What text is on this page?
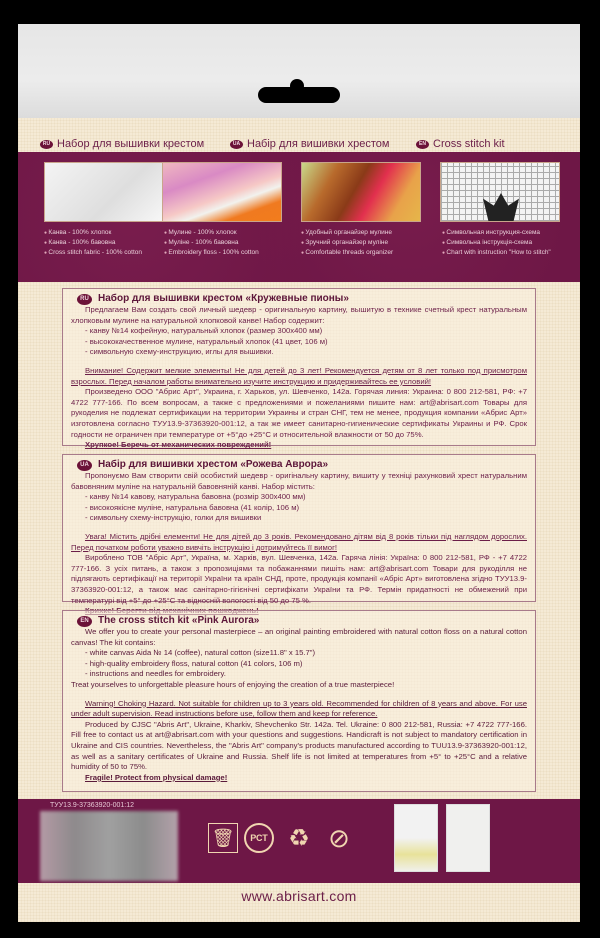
RU Набор для вышивки крестом	UA Набір для вишивки хрестом	EN Cross stitch kit
● Канва - 100% хлопок
● Канва - 100% бавовна
● Cross stitch fabric - 100% cotton
● Мулине - 100% хлопок
● Муліне - 100% бавовна
● Embroidery floss - 100% cotton
● Удобный органайзер мулине
● Зручний органайзер муліне
● Comfortable threads organizer
● Символьная инструкция-схема
● Символьна інструкція-схема
● Chart with instruction "How to stitch"
RU Набор для вышивки крестом «Кружевные пионы»

Предлагаем Вам создать свой личный шедевр - оригинальную картину, вышитую в технике счетный крест натуральным хлопковым мулине на натуральной хлопковой канве! Набор содержит:

- канву №14 кофейную, натуральный хлопок (размер 300х400 мм)

- высококачественное мулине, натуральный хлопок (41 цвет, 106 м)

- символьную схему-инструкцию, иглы для вышивки.

Внимание! Содержит мелкие элементы! Не для детей до 3 лет! Рекомендуется детям от 8 лет только под присмотром взрослых. Перед началом работы внимательно изучите инструкцию и придерживайтесь ее условий!

Произведено ООО "Абрис Арт", Украина, г. Харьков, ул. Шевченко, 142а. Горячая линия: Украина: 0 800 212-581, РФ: +7 4722 777-166. По всем вопросам, а также с предложениями и пожеланиями пишите нам: art@abrisart.com Товары для рукоделия не подлежат сертификации на территории Украины и стран СНГ, тем не менее, продукция компании «Абрис Арт» изготовлена согласно ТУУ13.9-37363920-001:12, а так же имеет санитарно-гигиенические сертификаты Украины и РФ. Срок годности не ограничен при температуре от +5°до +25°С и относительной влажности от 50 до 75%.

Хрупкое! Беречь от механических повреждений!

UA Набір для вишивки хрестом «Рожева Аврора»

Пропонуємо Вам створити свій особистий шедевр - оригінальну картину, вишиту у техніці рахунковий хрест натуральним бавовняним муліне на натуральній бавовняній канві. Набор містить:

- канву №14 кавову, натуральна бавовна (розмір 300х400 мм)

- високоякісне муліне, натуральна бавовна (41 колір, 106 м)

- символьну схему-інструкцію, голки для вишивки

Увага! Містить дрібні елементи! Не для дітей до 3 років. Рекомендовано дітям від 8 років тільки під наглядом дорослих. Перед початком роботи уважно вивчіть інструкцію і дотримуйтесь її вимог!

Вироблено ТОВ "Абріс Арт", Україна, м. Харків, вул. Шевченка, 142а. Гаряча лінія: Україна: 0 800 212-581, РФ - +7 4722 777-166. З усіх питань, а також з пропозиціями та побажаннями пишіть нам: art@abrisart.com Товари для рукоділля не підлягають сертифікації на території України та країн СНД, проте, продукція компанії «Абріс Арт» виготовлена згідно ТУУ13.9-37363920-001:12, а також має санітарно-гігієнічні сертифікати України та РФ. Термін придатності не обмежений при температурі від +5° до +25°С та відносній вологості від 50 до 75 %.

EN The cross stitch kit «Pink Aurora»

We offer you to create your personal masterpiece – an original painting embroidered with natural cotton floss on a natural cotton canvas! The kit contains:

- white canvas Aida № 14 (coffee), natural cotton (size11.8" x 15.7")

- high-quality embroidery floss, natural cotton (41 colors, 106 m)

- instructions and needles for embroidery.

Treat yourselves to unforgettable pleasure hours of enjoying the creation of a true masterpiece!

Warning! Choking Hazard. Not suitable for children up to 3 years old. Recommended for children of 8 years and above. For use under adult supervision. Read instructions before use, follow them and keep for reference.

Produced by CJSC "Abris Art", Ukraine, Kharkiv, Shevchenko Str. 142a. Tel. Ukraine: 0 800 212-581, Russia: +7 4722 777-166. Fill free to contact us at art@abrisart.com with your questions and suggestions. Handicraft is not subject to mandatory certification in Ukraine and CIS countries. Nevertheless, the "Abris Art" company's products manufactured according to TUU13.9-37363920-001:12, as well as a sanitary certificates of Ukraine and Russia. Shelf life is not limited at temperatures from +5° to +25°C and a relative humidity of 50 to 75%.

Fragile! Protect from physical damage!

ТУУ13.9-37363920-001:12
🗑	РСТ ♻ ⊘
www.abrisart.com
